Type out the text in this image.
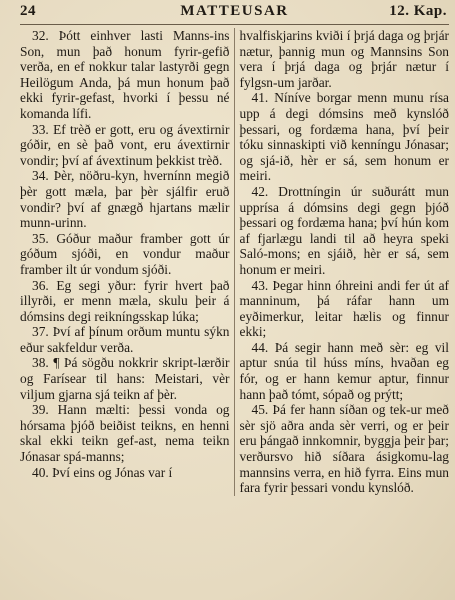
24	MATTEUSAR	12. Kap.

32. Þótt einhver lasti Manns-ins Son, mun það honum fyrir-gefið verða, en ef nokkur talar lastyrði gegn Heilögum Anda, þá mun honum það ekki fyrir-gefast, hvorki í þessu né komanda lífi.

33. Ef trèð er gott, eru og ávextirnir góðir, en sè það vont, eru ávextirnir vondir; því af ávextinum þekkist trèð.

34. Þèr, nöðru-kyn, hvernínn megið þèr gott mæla, þar þèr sjálfir eruð vondir? því af gnægð hjartans mælir munn-urinn.

35. Góður maður framber gott úr góðum sjóði, en vondur maður framber ilt úr vondum sjóði.

36. Eg segi yður: fyrir hvert það illyrði, er menn mæla, skulu þeir á dómsins degi reikníngsskap lúka;

37. Því af þínum orðum muntu sýkn eður sakfeldur verða.

38. ¶ Þá sögðu nokkrir skript-lærðir og Farísear til hans: Meistari, vèr viljum gjarna sjá teikn af þèr.

39. Hann mælti: þessi vonda og hórsama þjóð beiðist teikns, en henni skal ekki teikn gef-ast, nema teikn Jónasar spá-manns;

40. Því eins og Jónas var í

hvalfiskjarins kviði í þrjá daga og þrjár nætur, þannig mun og Mannsins Son vera í þrjá daga og þrjár nætur í fylgsn-um jarðar.

41. Níníve borgar menn munu rísa upp á degi dómsins með kynslóð þessari, og fordæma hana, því þeir tóku sinnaskipti við kenníngu Jónasar; og sjá-ið, hèr er sá, sem honum er meiri.

42. Drottníngin úr suðurátt mun upprísa á dómsins degi gegn þjóð þessari og fordæma hana; því hún kom af fjarlægu landi til að heyra speki Saló-mons; en sjáið, hèr er sá, sem honum er meiri.

43. Þegar hinn óhreini andi fer út af manninum, þá ráfar hann um eyðimerkur, leitar hælis og finnur ekki;

44. Þá segir hann með sèr: eg vil aptur snúa til húss míns, hvaðan eg fór, og er hann kemur aptur, finnur hann það tómt, sópað og prýtt;

45. Þá fer hann síðan og tek-ur með sèr sjö aðra anda sèr verri, og er þeir eru þángað innkomnir, byggja þeir þar; verðursvo hið síðara ásigkomu-lag mannsins verra, en hið fyrra. Eins mun fara fyrir þessari vondu kynslóð.
